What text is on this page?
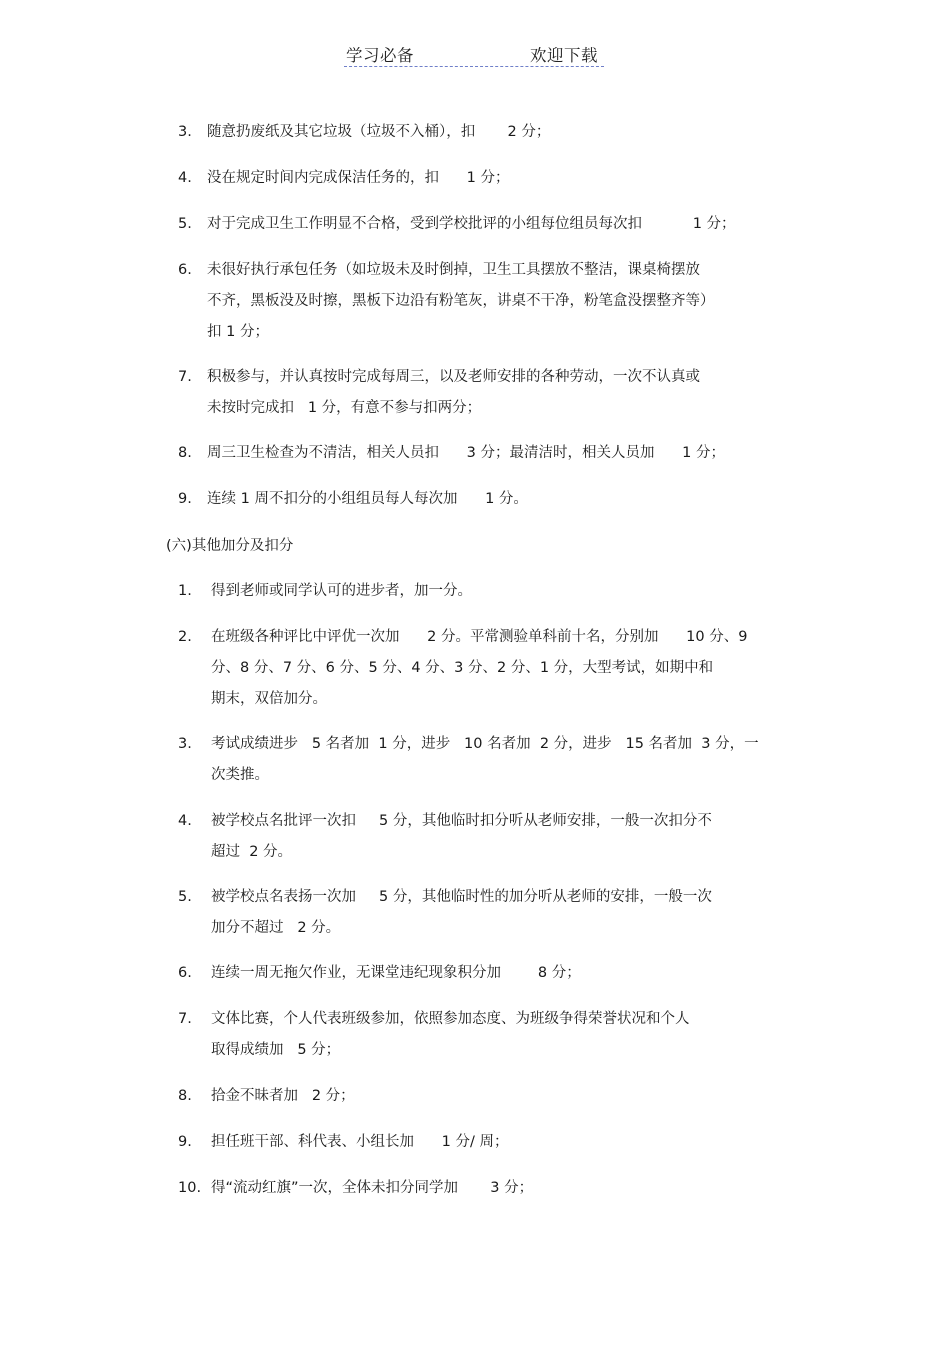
学习必备	欢迎下载
3. 随意扔废纸及其它垃圾（垃圾不入桶），扣       2 分；
4. 没在规定时间内完成保洁任务的，扣      1 分；
5. 对于完成卫生工作明显不合格，受到学校批评的小组每位组员每次扣           1 分；
6. 未很好执行承包任务（如垃圾未及时倒掉，卫生工具摆放不整洁，课桌椅摆放
不齐，黑板没及时擦，黑板下边沿有粉笔灰，讲桌不干净，粉笔盒没摆整齐等）
扣 1 分；
7. 积极参与，并认真按时完成每周三，以及老师安排的各种劳动，一次不认真或
未按时完成扣   1 分，有意不参与扣两分；
8. 周三卫生检查为不清洁，相关人员扣      3 分；最清洁时，相关人员加      1 分；
9. 连续 1 周不扣分的小组组员每人每次加      1 分。
(六)其他加分及扣分
1. 得到老师或同学认可的进步者，加一分。
2. 在班级各种评比中评优一次加      2 分。平常测验单科前十名，分别加      10 分、9
分、8 分、7 分、6 分、5 分、4 分、3 分、2 分、1 分，大型考试，如期中和
期末，双倍加分。
3. 考试成绩进步   5 名者加  1 分，进步   10 名者加  2 分，进步   15 名者加  3 分，一
次类推。
4. 被学校点名批评一次扣     5 分，其他临时扣分听从老师安排，一般一次扣分不
超过  2 分。
5. 被学校点名表扬一次加     5 分，其他临时性的加分听从老师的安排，一般一次
加分不超过   2 分。
6. 连续一周无拖欠作业，无课堂违纪现象积分加        8 分；
7. 文体比赛，个人代表班级参加，依照参加态度、为班级争得荣誉状况和个人
取得成绩加   5 分；
8. 拾金不昧者加   2 分；
9. 担任班干部、科代表、小组长加      1 分/ 周；
10. 得“流动红旗”一次，全体未扣分同学加       3 分；
